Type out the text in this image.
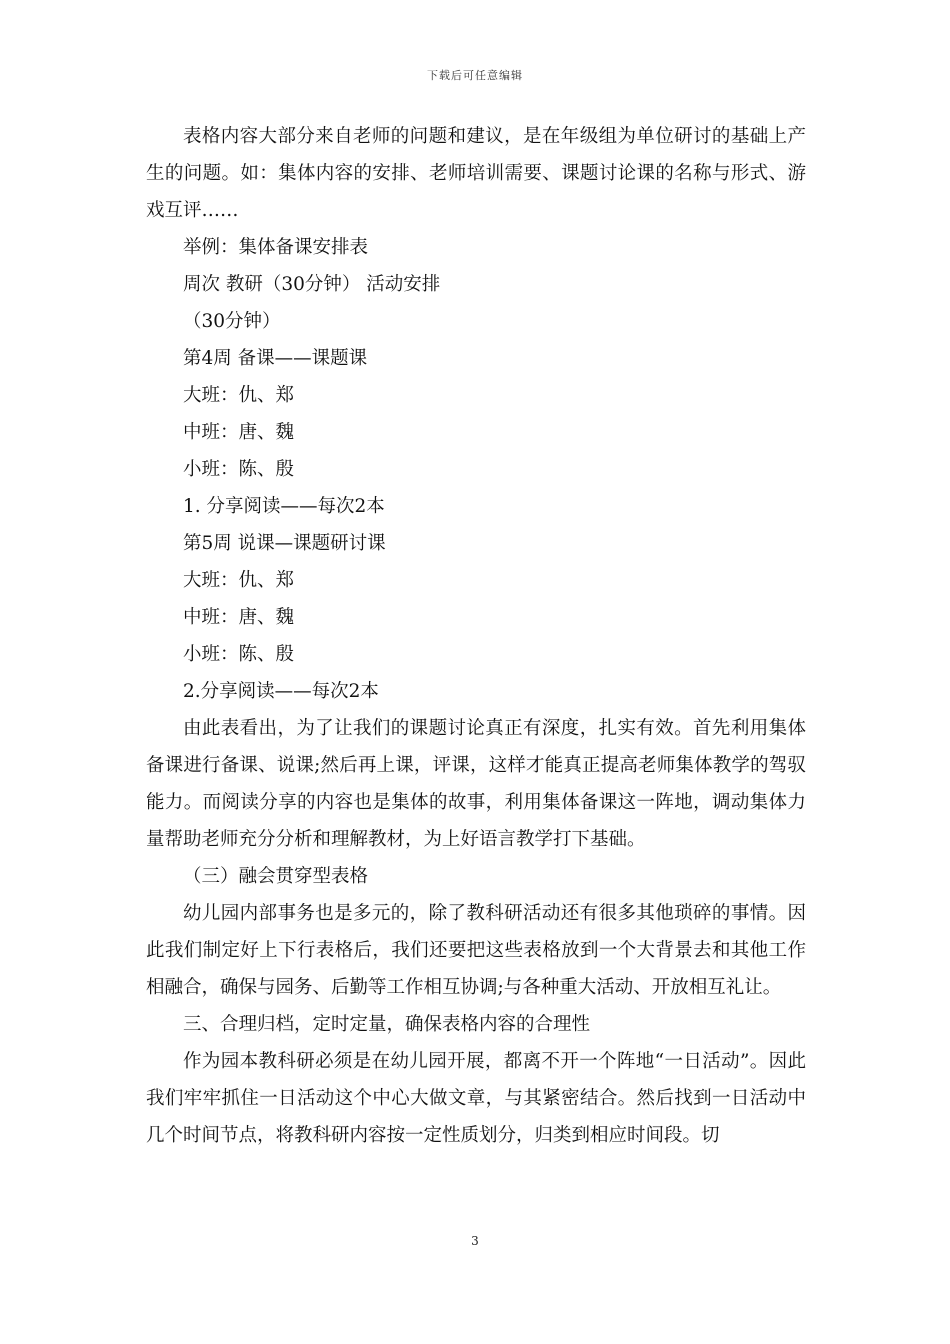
下载后可任意编辑

表格内容大部分来自老师的问题和建议，是在年级组为单位研讨的基础上产生的问题。如：集体内容的安排、老师培训需要、课题讨论课的名称与形式、游戏互评……

举例：集体备课安排表

周次 教研（30分钟） 活动安排

（30分钟）

第4周 备课——课题课

大班：仇、郑

中班：唐、魏

小班：陈、殷

1. 分享阅读——每次2本

第5周 说课—课题研讨课

大班：仇、郑

中班：唐、魏

小班：陈、殷

2.分享阅读——每次2本

由此表看出，为了让我们的课题讨论真正有深度，扎实有效。首先利用集体备课进行备课、说课;然后再上课，评课，这样才能真正提高老师集体教学的驾驭能力。而阅读分享的内容也是集体的故事，利用集体备课这一阵地，调动集体力量帮助老师充分分析和理解教材，为上好语言教学打下基础。

（三）融会贯穿型表格

幼儿园内部事务也是多元的，除了教科研活动还有很多其他琐碎的事情。因此我们制定好上下行表格后，我们还要把这些表格放到一个大背景去和其他工作相融合，确保与园务、后勤等工作相互协调;与各种重大活动、开放相互礼让。

三、合理归档，定时定量，确保表格内容的合理性

作为园本教科研必须是在幼儿园开展，都离不开一个阵地“一日活动”。因此我们牢牢抓住一日活动这个中心大做文章，与其紧密结合。然后找到一日活动中几个时间节点，将教科研内容按一定性质划分，归类到相应时间段。切

3
